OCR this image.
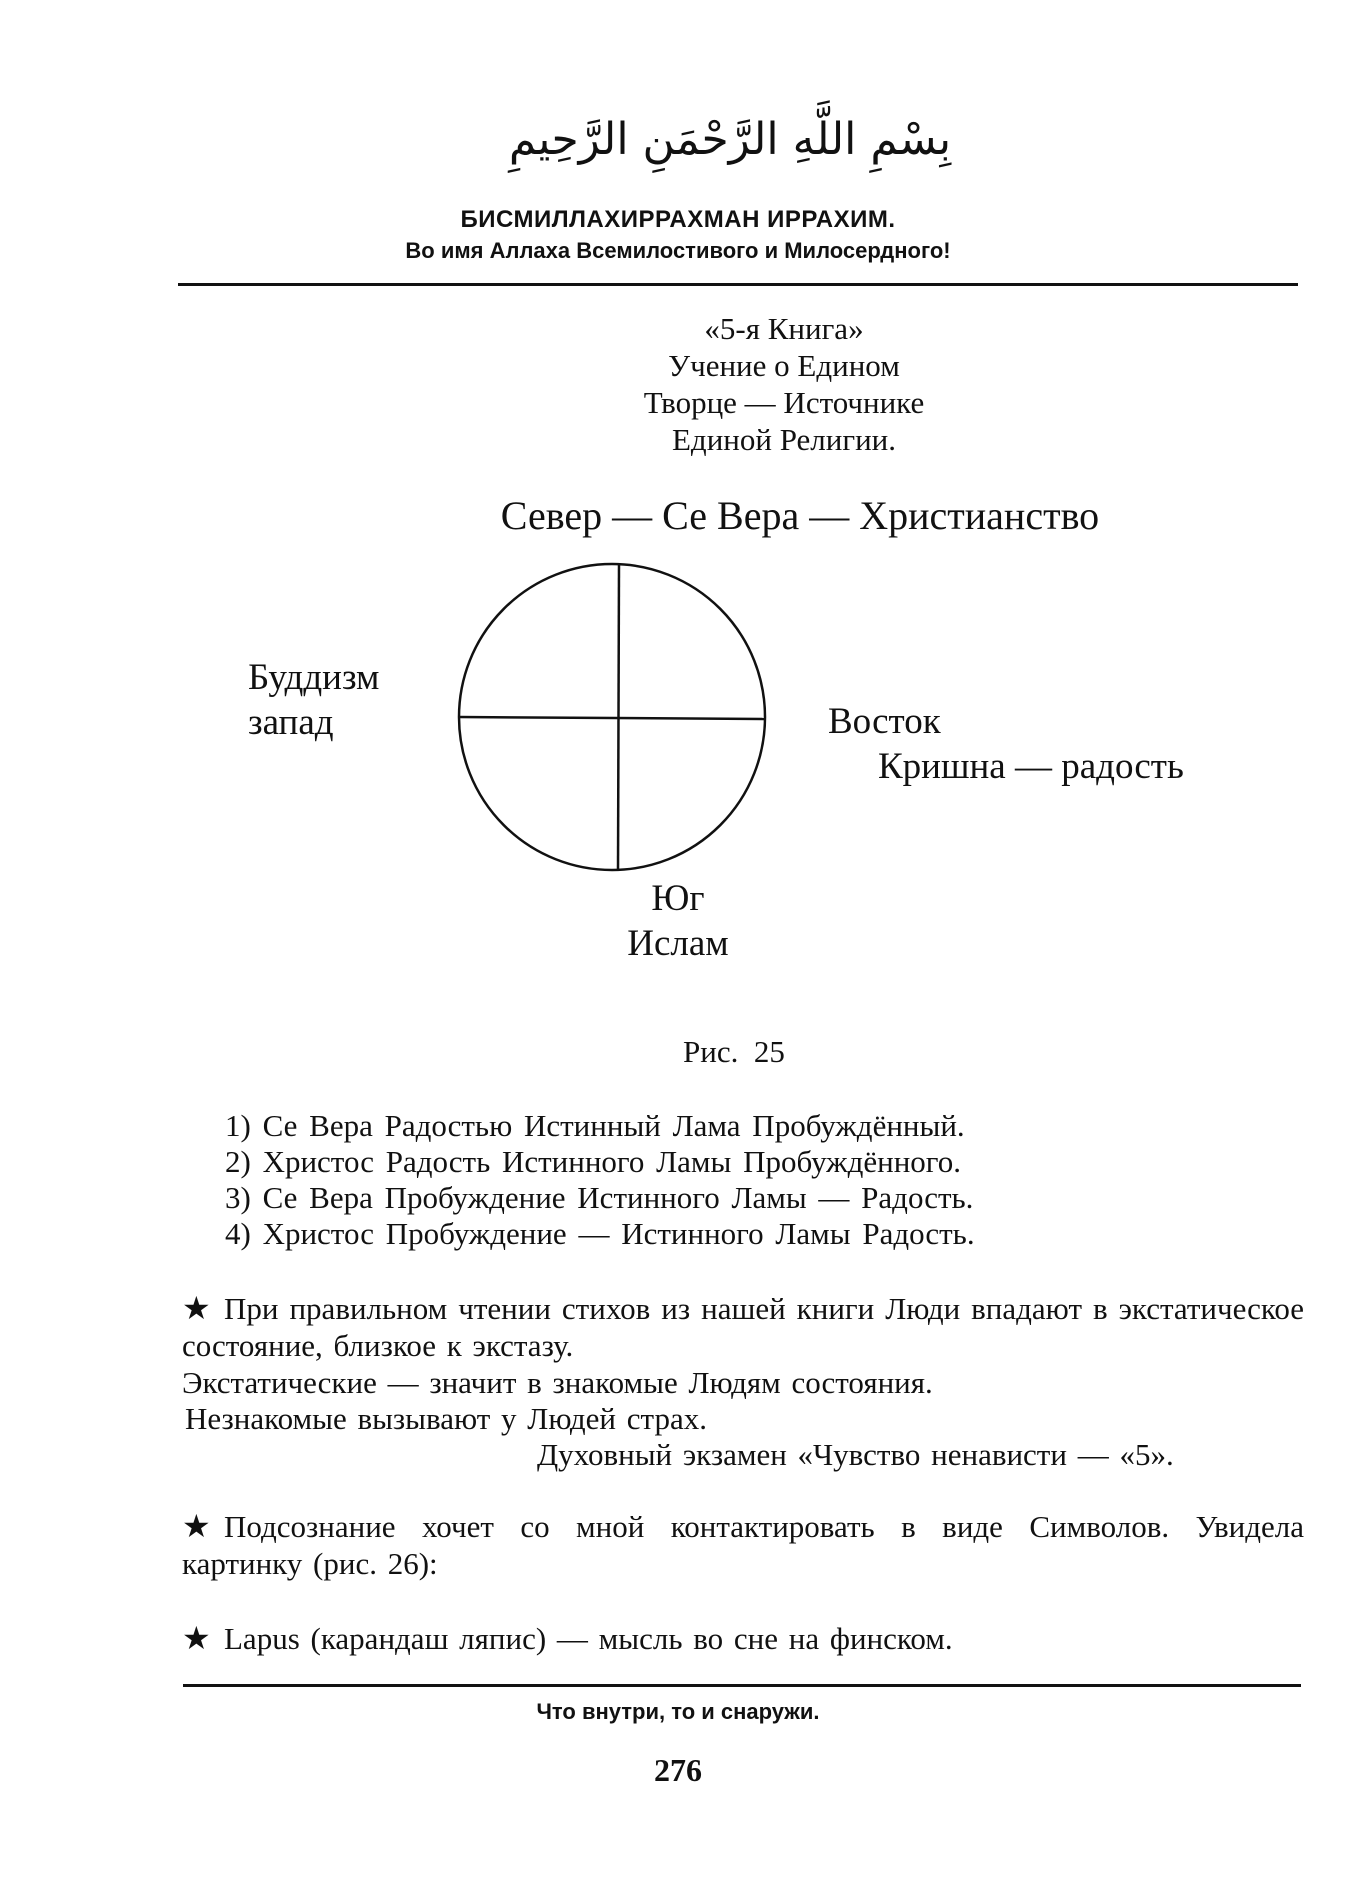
بِسْمِ اللَّهِ الرَّحْمَنِ الرَّحِيمِ
БИСМИЛЛАХИРРАХМАН ИРРАХИМ.
Во имя Аллаха Всемилостивого и Милосердного!
«5-я Книга»
Учение о Едином
Творце — Источнике
Единой Религии.
Север — Се Вера — Христианство
Буддизм
запад	Восток
Кришна — радость
Юг
Ислам
Рис.  25
1) Се Вера Радостью Истинный Лама Пробуждённый.
2) Христос Радость Истинного Ламы Пробуждённого.
3) Се Вера Пробуждение Истинного Ламы — Радость.
4) Христос Пробуждение — Истинного Ламы Радость.
★ При правильном чтении стихов из нашей книги Люди впадают в экстатическое состояние, близкое к экстазу.
Экстатические — значит в знакомые Людям состояния.
Незнакомые вызывают у Людей страх.
Духовный экзамен «Чувство ненависти — «5».
★ Подсознание хочет со мной контактировать в виде Символов. Увидела картинку (рис. 26):
★ Lapus (карандаш ляпис) — мысль во сне на финском.
Что внутри, то и снаружи.
276
